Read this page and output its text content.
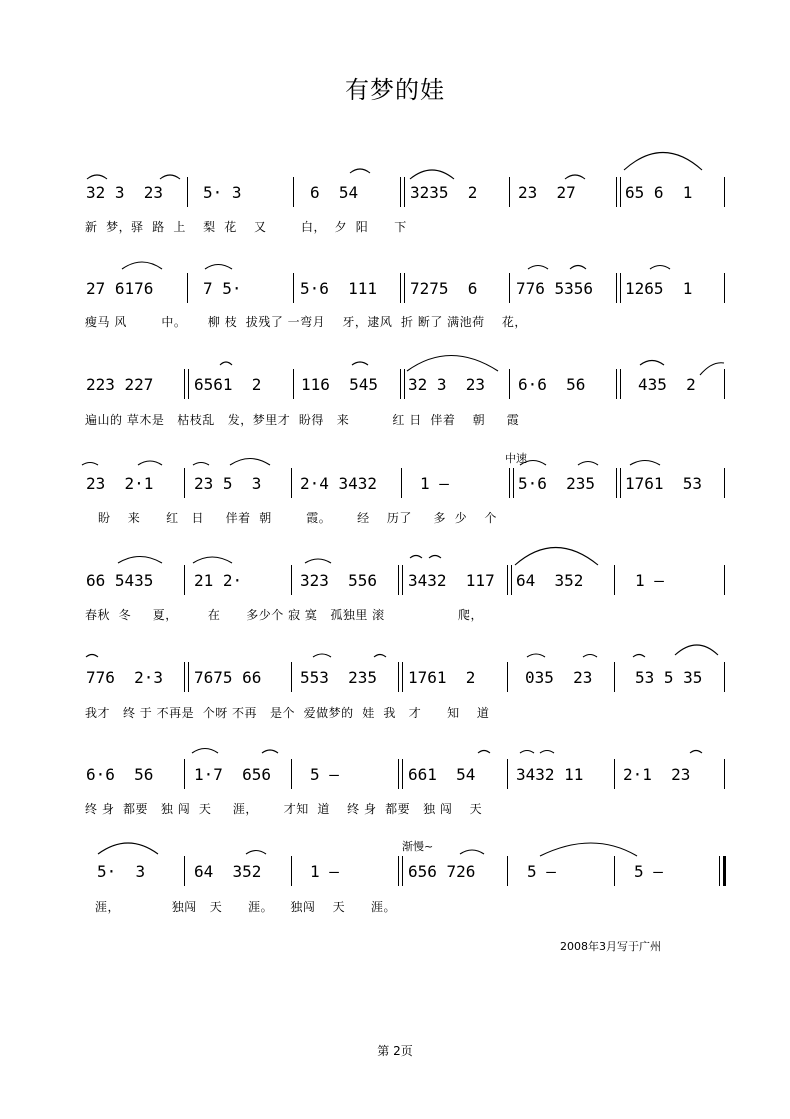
有梦的娃
中速
渐慢~
32 3  23 5· 3	6  54	3235  2	23  27	65 6  1
新  梦，驿  路  上    梨  花    又        白，  夕  阳      下
27 6176	7 5·	5·6  111 7275  6 776 5356 1265  1
瘦马 风        中。     柳 枝  拔残了 一弯月    牙，逮风  折 断了 满池荷    花，
223 227	6561  2 116  545 32 3  23 6·6  56	435  2
遍山的 草木是   枯枝乱   发，梦里才  盼得   来          红 日  伴着    朝     霞
23  2·1	23 5  3 2·4 3432	1 –	5·6  235 1761  53
盼    来      红   日     伴着  朝        霞。      经    历了     多  少    个
66 5435	21 2·	323  556 3432  117 64  352	1 –
春秋  冬     夏，       在      多少个 寂 寞   孤独里 滚                 爬，
776  2·3 7675 66 553  235 1761  2	035  23	53 5 35
我才   终 于 不再是  个呀 不再   是个  爱做梦的  娃  我   才      知    道
6·6  56	1·7  656 5 –	661  54	3432 11 2·1  23
终 身  都要   独 闯  天     涯，      才知  道    终 身  都要   独 闯    天
5·  3	64  352	1 –	656 726	5 –	5 –
涯，            独闯   天      涯。    独闯    天      涯。
2008年3月写于广州
第 2页
